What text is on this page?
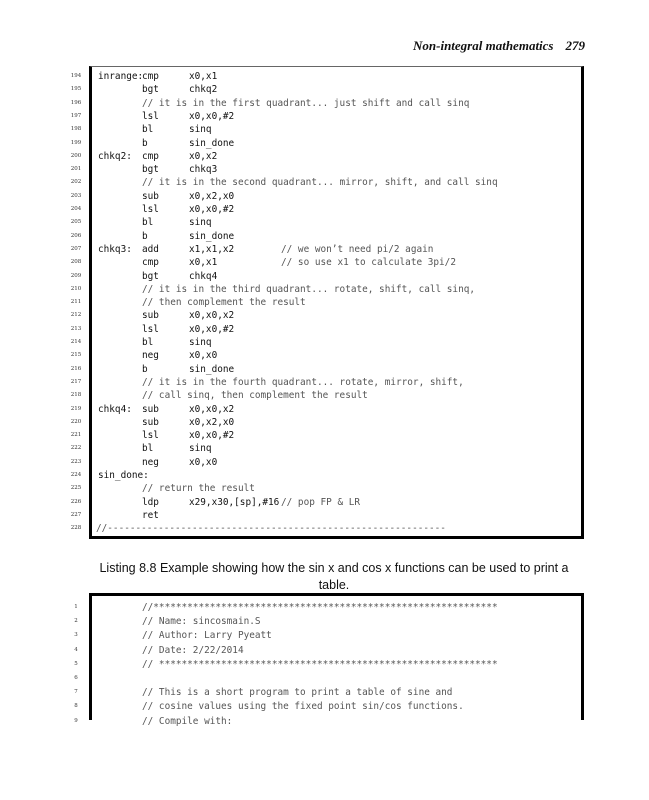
Non-integral mathematics 279
194	inrange:
cmp	x0,x1
195	bgt	chkq2
196	// it is in the first quadrant... just shift and call sinq
197	lsl	x0,x0,#2
198	bl	sinq
199	b	sin_done
200	chkq2: cmp	x0,x2
201	bgt	chkq3
202	// it is in the second quadrant... mirror, shift, and call sinq
203	sub	x0,x2,x0
204	lsl	x0,x0,#2
205	bl	sinq
206	b	sin_done
207	chkq3: add	x1,x1,x2	// we won’t need pi/2 again
208	cmp	x0,x1	// so use x1 to calculate 3pi/2
209	bgt	chkq4
210	// it is in the third quadrant... rotate, shift, call sinq,
211	// then complement the result
212	sub	x0,x0,x2
213	lsl	x0,x0,#2
214	bl	sinq
215	neg	x0,x0
216	b	sin_done
217	// it is in the fourth quadrant... rotate, mirror, shift,
218	// call sinq, then complement the result
219	chkq4: sub	x0,x0,x2
220	sub	x0,x2,x0
221	lsl	x0,x0,#2
222	bl	sinq
223	neg	x0,x0
224	sin_done:
225	// return the result
226	ldp	x29,x30,[sp],#16 // pop FP & LR
227	ret
228	//------------------------------------------------------------
Listing 8.8 Example showing how the sin x and cos x functions can be used to print a table.
1	//*************************************************************
2	// Name: sincosmain.S
3	// Author: Larry Pyeatt
4	// Date: 2/22/2014
5	// ************************************************************
6
7	// This is a short program to print a table of sine and
8	// cosine values using the fixed point sin/cos functions.
9	// Compile with:
